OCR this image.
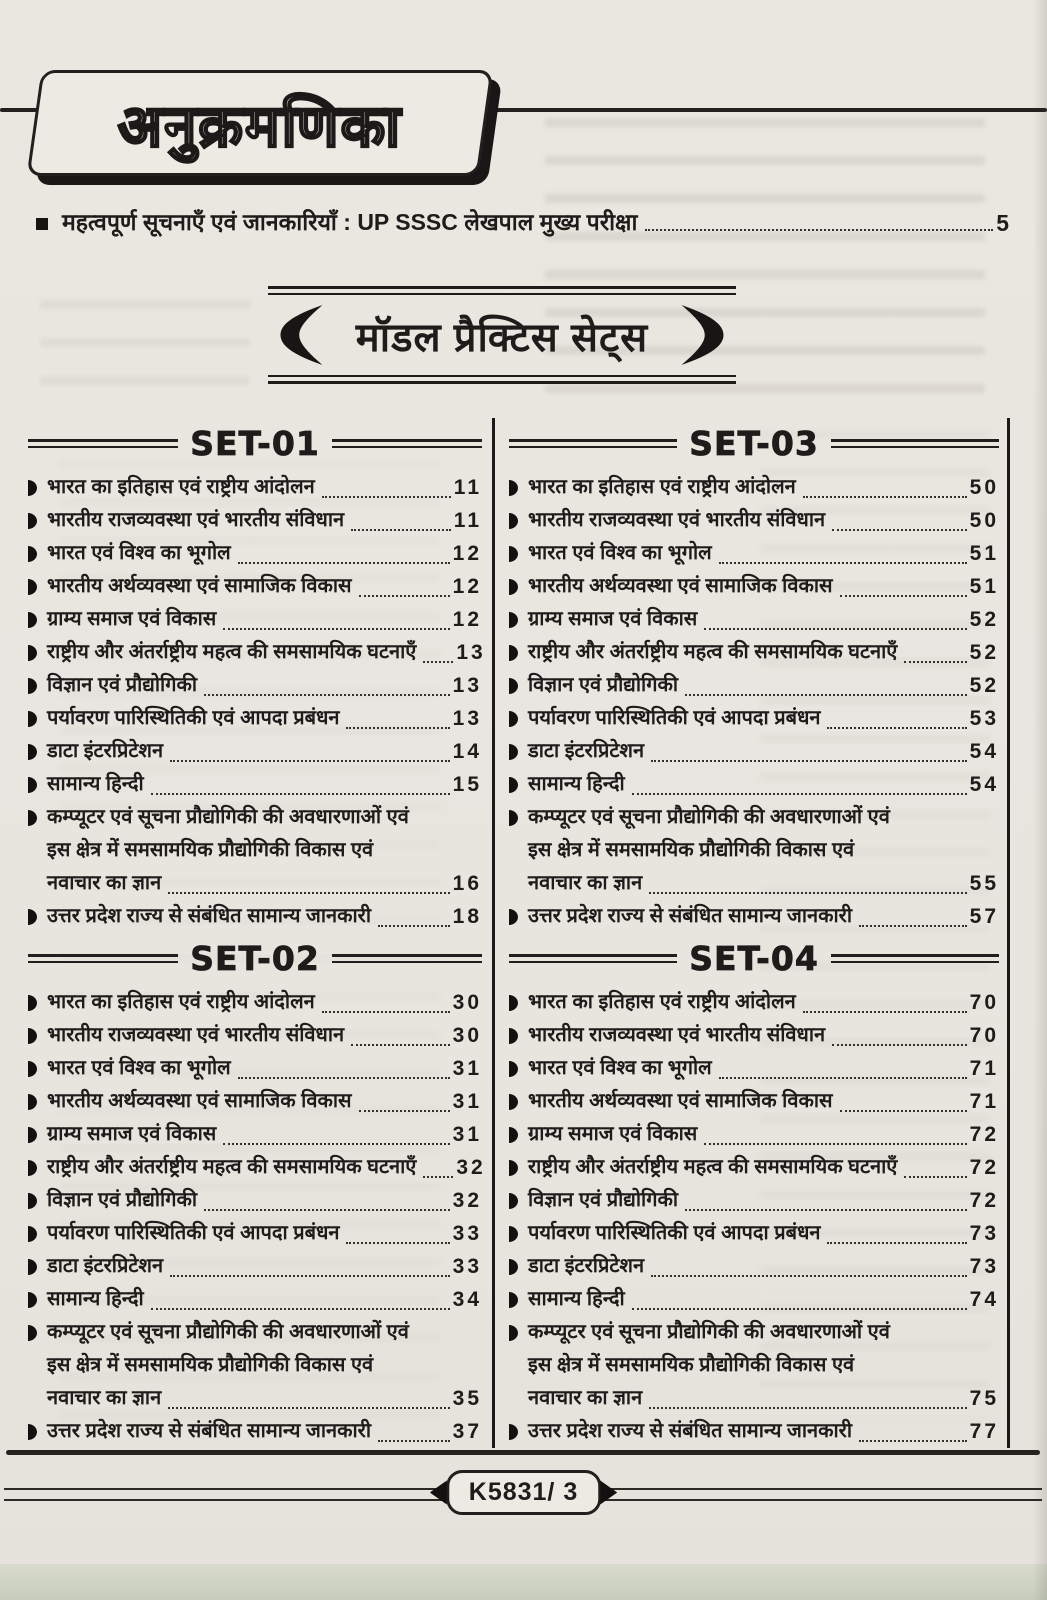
अनुक्रमणिका
महत्वपूर्ण सूचनाएँ एवं जानकारियाँ : UP SSSC लेखपाल मुख्य परीक्षा	5
मॉडल प्रैक्टिस सेट्स
SET-01
भारत का इतिहास एवं राष्ट्रीय आंदोलन	11
भारतीय राजव्यवस्था एवं भारतीय संविधान	11
भारत एवं विश्व का भूगोल	12
भारतीय अर्थव्यवस्था एवं सामाजिक विकास	12
ग्राम्य समाज एवं विकास	12
राष्ट्रीय और अंतर्राष्ट्रीय महत्व की समसामयिक घटनाएँ 13
विज्ञान एवं प्रौद्योगिकी	13
पर्यावरण पारिस्थितिकी एवं आपदा प्रबंधन	13
डाटा इंटरप्रिटेशन	14
सामान्य हिन्दी	15
कम्प्यूटर एवं सूचना प्रौद्योगिकी की अवधारणाओं एवं
इस क्षेत्र में समसामयिक प्रौद्योगिकी विकास एवं
नवाचार का ज्ञान	16
उत्तर प्रदेश राज्य से संबंधित सामान्य जानकारी	18
SET-02
भारत का इतिहास एवं राष्ट्रीय आंदोलन	30
भारतीय राजव्यवस्था एवं भारतीय संविधान	30
भारत एवं विश्व का भूगोल	31
भारतीय अर्थव्यवस्था एवं सामाजिक विकास	31
ग्राम्य समाज एवं विकास	31
राष्ट्रीय और अंतर्राष्ट्रीय महत्व की समसामयिक घटनाएँ 32
विज्ञान एवं प्रौद्योगिकी	32
पर्यावरण पारिस्थितिकी एवं आपदा प्रबंधन	33
डाटा इंटरप्रिटेशन	33
सामान्य हिन्दी	34
कम्प्यूटर एवं सूचना प्रौद्योगिकी की अवधारणाओं एवं
इस क्षेत्र में समसामयिक प्रौद्योगिकी विकास एवं
नवाचार का ज्ञान	35
उत्तर प्रदेश राज्य से संबंधित सामान्य जानकारी	37
SET-03
भारत का इतिहास एवं राष्ट्रीय आंदोलन	50
भारतीय राजव्यवस्था एवं भारतीय संविधान	50
भारत एवं विश्व का भूगोल	51
भारतीय अर्थव्यवस्था एवं सामाजिक विकास	51
ग्राम्य समाज एवं विकास	52
राष्ट्रीय और अंतर्राष्ट्रीय महत्व की समसामयिक घटनाएँ	52
विज्ञान एवं प्रौद्योगिकी	52
पर्यावरण पारिस्थितिकी एवं आपदा प्रबंधन	53
डाटा इंटरप्रिटेशन	54
सामान्य हिन्दी	54
कम्प्यूटर एवं सूचना प्रौद्योगिकी की अवधारणाओं एवं
इस क्षेत्र में समसामयिक प्रौद्योगिकी विकास एवं
नवाचार का ज्ञान	55
उत्तर प्रदेश राज्य से संबंधित सामान्य जानकारी	57
SET-04
भारत का इतिहास एवं राष्ट्रीय आंदोलन	70
भारतीय राजव्यवस्था एवं भारतीय संविधान	70
भारत एवं विश्व का भूगोल	71
भारतीय अर्थव्यवस्था एवं सामाजिक विकास	71
ग्राम्य समाज एवं विकास	72
राष्ट्रीय और अंतर्राष्ट्रीय महत्व की समसामयिक घटनाएँ	72
विज्ञान एवं प्रौद्योगिकी	72
पर्यावरण पारिस्थितिकी एवं आपदा प्रबंधन	73
डाटा इंटरप्रिटेशन	73
सामान्य हिन्दी	74
कम्प्यूटर एवं सूचना प्रौद्योगिकी की अवधारणाओं एवं
इस क्षेत्र में समसामयिक प्रौद्योगिकी विकास एवं
नवाचार का ज्ञान	75
उत्तर प्रदेश राज्य से संबंधित सामान्य जानकारी	77
K5831/ 3
